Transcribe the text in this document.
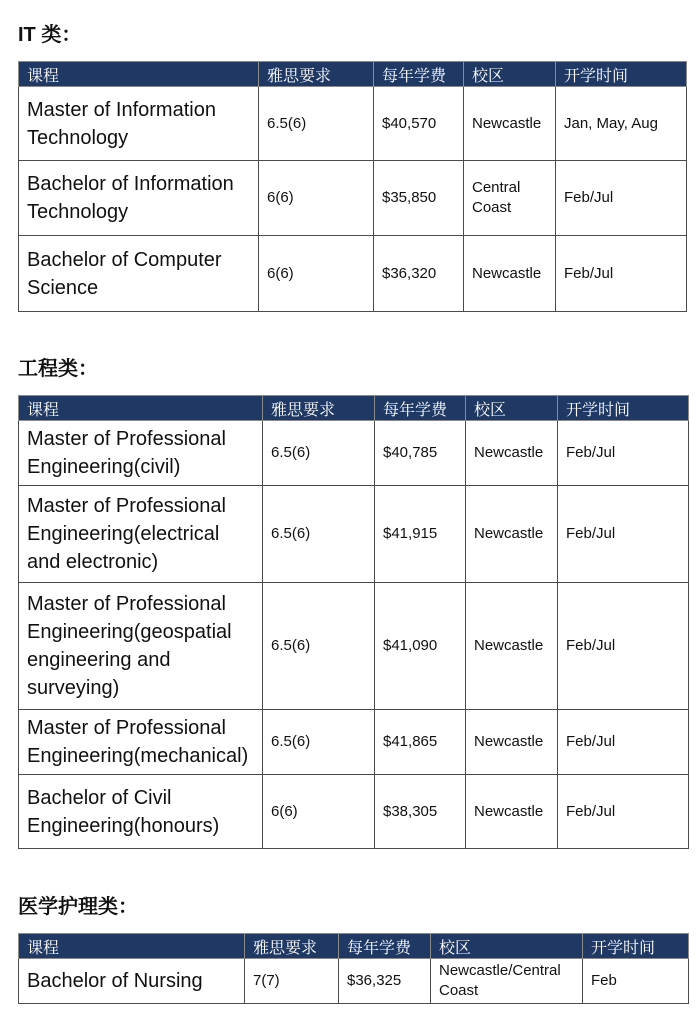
IT 类：
课程	雅思要求	每年学费	校区	开学时间
Master of Information Technology	6.5(6)	$40,570	Newcastle	Jan, May, Aug
Bachelor of Information Technology	6(6)	$35,850	Central Coast	Feb/Jul
Bachelor of Computer Science	6(6)	$36,320	Newcastle	Feb/Jul
工程类：
课程	雅思要求	每年学费	校区	开学时间
Master of Professional Engineering(civil)	6.5(6)	$40,785	Newcastle	Feb/Jul
Master of Professional Engineering(electrical and electronic)	6.5(6)	$41,915	Newcastle	Feb/Jul
Master of Professional Engineering(geospatial engineering and surveying)	6.5(6)	$41,090	Newcastle	Feb/Jul
Master of Professional Engineering(mechanical)	6.5(6)	$41,865	Newcastle	Feb/Jul
Bachelor of Civil Engineering(honours)	6(6)	$38,305	Newcastle	Feb/Jul
医学护理类：
课程	雅思要求	每年学费	校区	开学时间
Bachelor of Nursing	7(7)	$36,325	Newcastle/Central Coast	Feb
